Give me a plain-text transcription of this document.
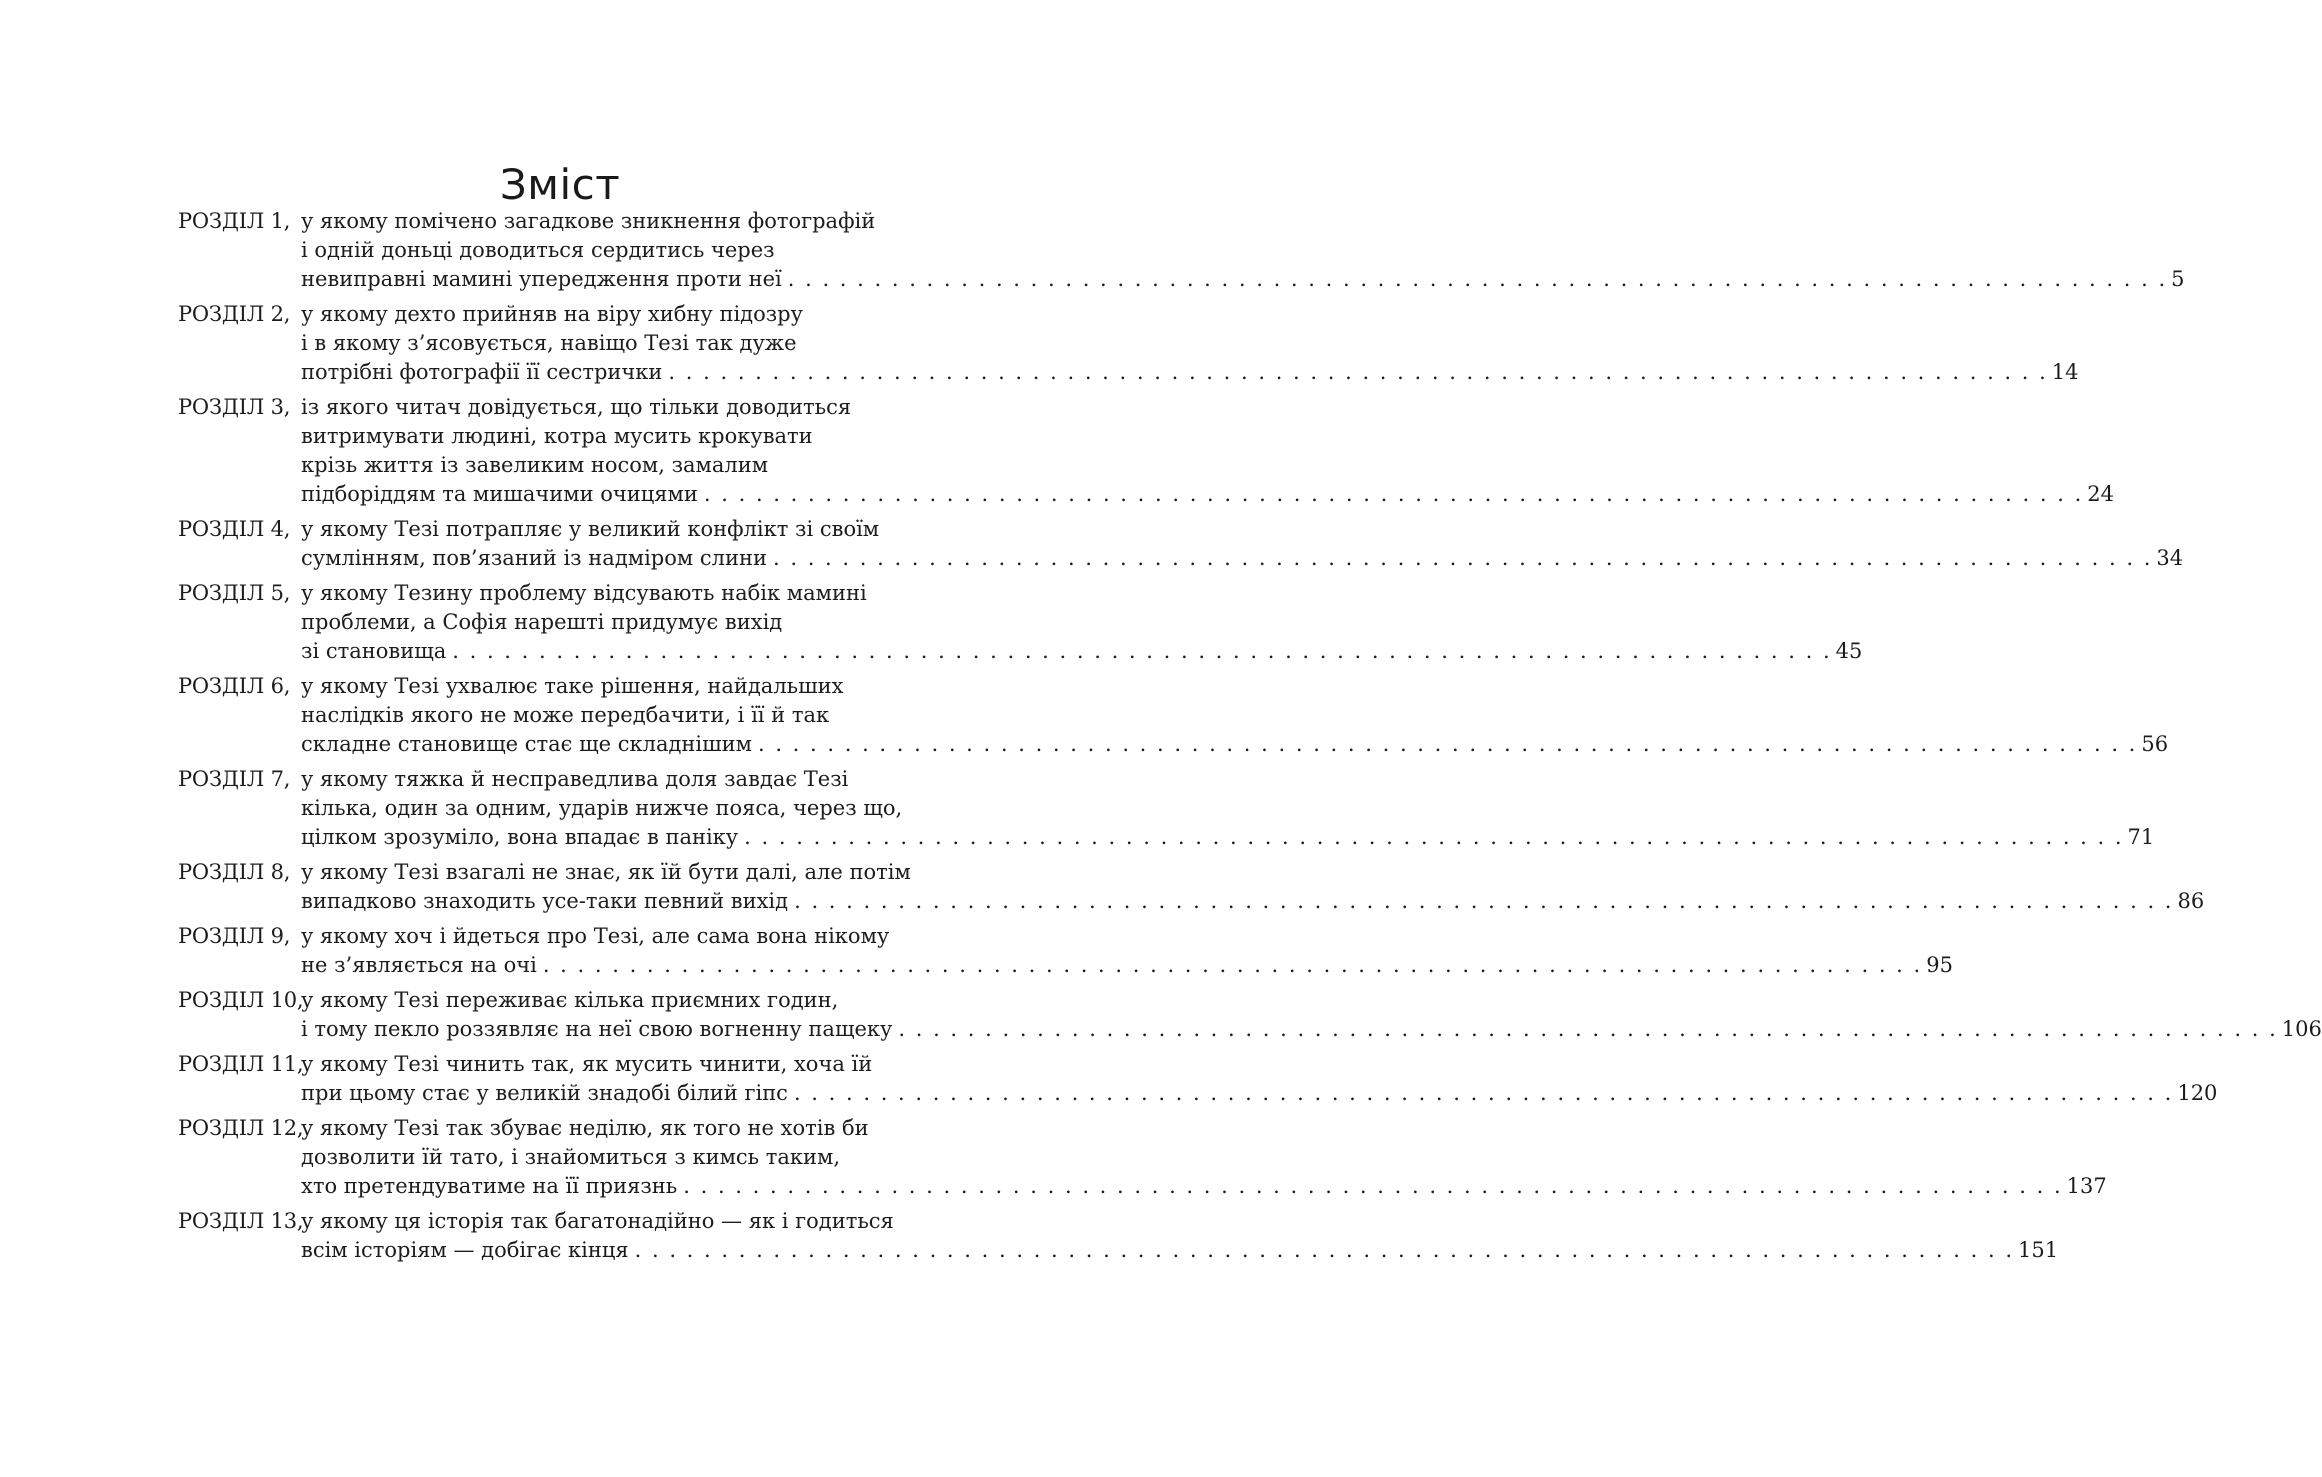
Зміст
РОЗДІЛ 1, у якому помічено загадкове зникнення фотографій
і одній доньці доводиться сердитись через
невиправні мамині упередження проти неї . . . . . . . . . . . . . . . . . . . . . . . . . . . . . . . . . . . . . . . . . . . . . . . . . . . . . . . . . . . . . . . . . . . . . . . . . . . . . . . . 5
РОЗДІЛ 2, у якому дехто прийняв на віру хибну підозру
і в якому з’ясовується, навіщо Тезі так дуже
потрібні фотографії її сестрички . . . . . . . . . . . . . . . . . . . . . . . . . . . . . . . . . . . . . . . . . . . . . . . . . . . . . . . . . . . . . . . . . . . . . . . . . . . . . . . . 14
РОЗДІЛ 3, із якого читач довідується, що тільки доводиться
витримувати людині, котра мусить крокувати
крізь життя із завеликим носом, замалим
підборіддям та мишачими очицями . . . . . . . . . . . . . . . . . . . . . . . . . . . . . . . . . . . . . . . . . . . . . . . . . . . . . . . . . . . . . . . . . . . . . . . . . . . . . . . . 24
РОЗДІЛ 4, у якому Тезі потрапляє у великий конфлікт зі своїм
сумлінням, пов’язаний із надміром слини . . . . . . . . . . . . . . . . . . . . . . . . . . . . . . . . . . . . . . . . . . . . . . . . . . . . . . . . . . . . . . . . . . . . . . . . . . . . . . . . 34
РОЗДІЛ 5, у якому Тезину проблему відсувають набік мамині
проблеми, а Софія нарешті придумує вихід
зі становища . . . . . . . . . . . . . . . . . . . . . . . . . . . . . . . . . . . . . . . . . . . . . . . . . . . . . . . . . . . . . . . . . . . . . . . . . . . . . . . . 45
РОЗДІЛ 6, у якому Тезі ухвалює таке рішення, найдальших
наслідків якого не може передбачити, і її й так
складне становище стає ще складнішим . . . . . . . . . . . . . . . . . . . . . . . . . . . . . . . . . . . . . . . . . . . . . . . . . . . . . . . . . . . . . . . . . . . . . . . . . . . . . . . . 56
РОЗДІЛ 7, у якому тяжка й несправедлива доля завдає Тезі
кілька, один за одним, ударів нижче пояса, через що,
цілком зрозуміло, вона впадає в паніку . . . . . . . . . . . . . . . . . . . . . . . . . . . . . . . . . . . . . . . . . . . . . . . . . . . . . . . . . . . . . . . . . . . . . . . . . . . . . . . . 71
РОЗДІЛ 8, у якому Тезі взагалі не знає, як їй бути далі, але потім
випадково знаходить усе-таки певний вихід . . . . . . . . . . . . . . . . . . . . . . . . . . . . . . . . . . . . . . . . . . . . . . . . . . . . . . . . . . . . . . . . . . . . . . . . . . . . . . . . 86
РОЗДІЛ 9, у якому хоч і йдеться про Тезі, але сама вона нікому
не з’являється на очі . . . . . . . . . . . . . . . . . . . . . . . . . . . . . . . . . . . . . . . . . . . . . . . . . . . . . . . . . . . . . . . . . . . . . . . . . . . . . . . . 95
РОЗДІЛ 10,
у якому Тезі переживає кілька приємних годин,
і тому пекло роззявляє на неї свою вогненну пащеку . . . . . . . . . . . . . . . . . . . . . . . . . . . . . . . . . . . . . . . . . . . . . . . . . . . . . . . . . . . . . . . . . . . . . . . . . . . . . . . . 106
РОЗДІЛ 11,
у якому Тезі чинить так, як мусить чинити, хоча їй
при цьому стає у великій знадобі білий гіпс . . . . . . . . . . . . . . . . . . . . . . . . . . . . . . . . . . . . . . . . . . . . . . . . . . . . . . . . . . . . . . . . . . . . . . . . . . . . . . . . 120
РОЗДІЛ 12,
у якому Тезі так збуває неділю, як того не хотів би
дозволити їй тато, і знайомиться з кимсь таким,
хто претендуватиме на її приязнь . . . . . . . . . . . . . . . . . . . . . . . . . . . . . . . . . . . . . . . . . . . . . . . . . . . . . . . . . . . . . . . . . . . . . . . . . . . . . . . . 137
РОЗДІЛ 13,
у якому ця історія так багатонадійно — як і годиться
всім історіям — добігає кінця . . . . . . . . . . . . . . . . . . . . . . . . . . . . . . . . . . . . . . . . . . . . . . . . . . . . . . . . . . . . . . . . . . . . . . . . . . . . . . . . 151
